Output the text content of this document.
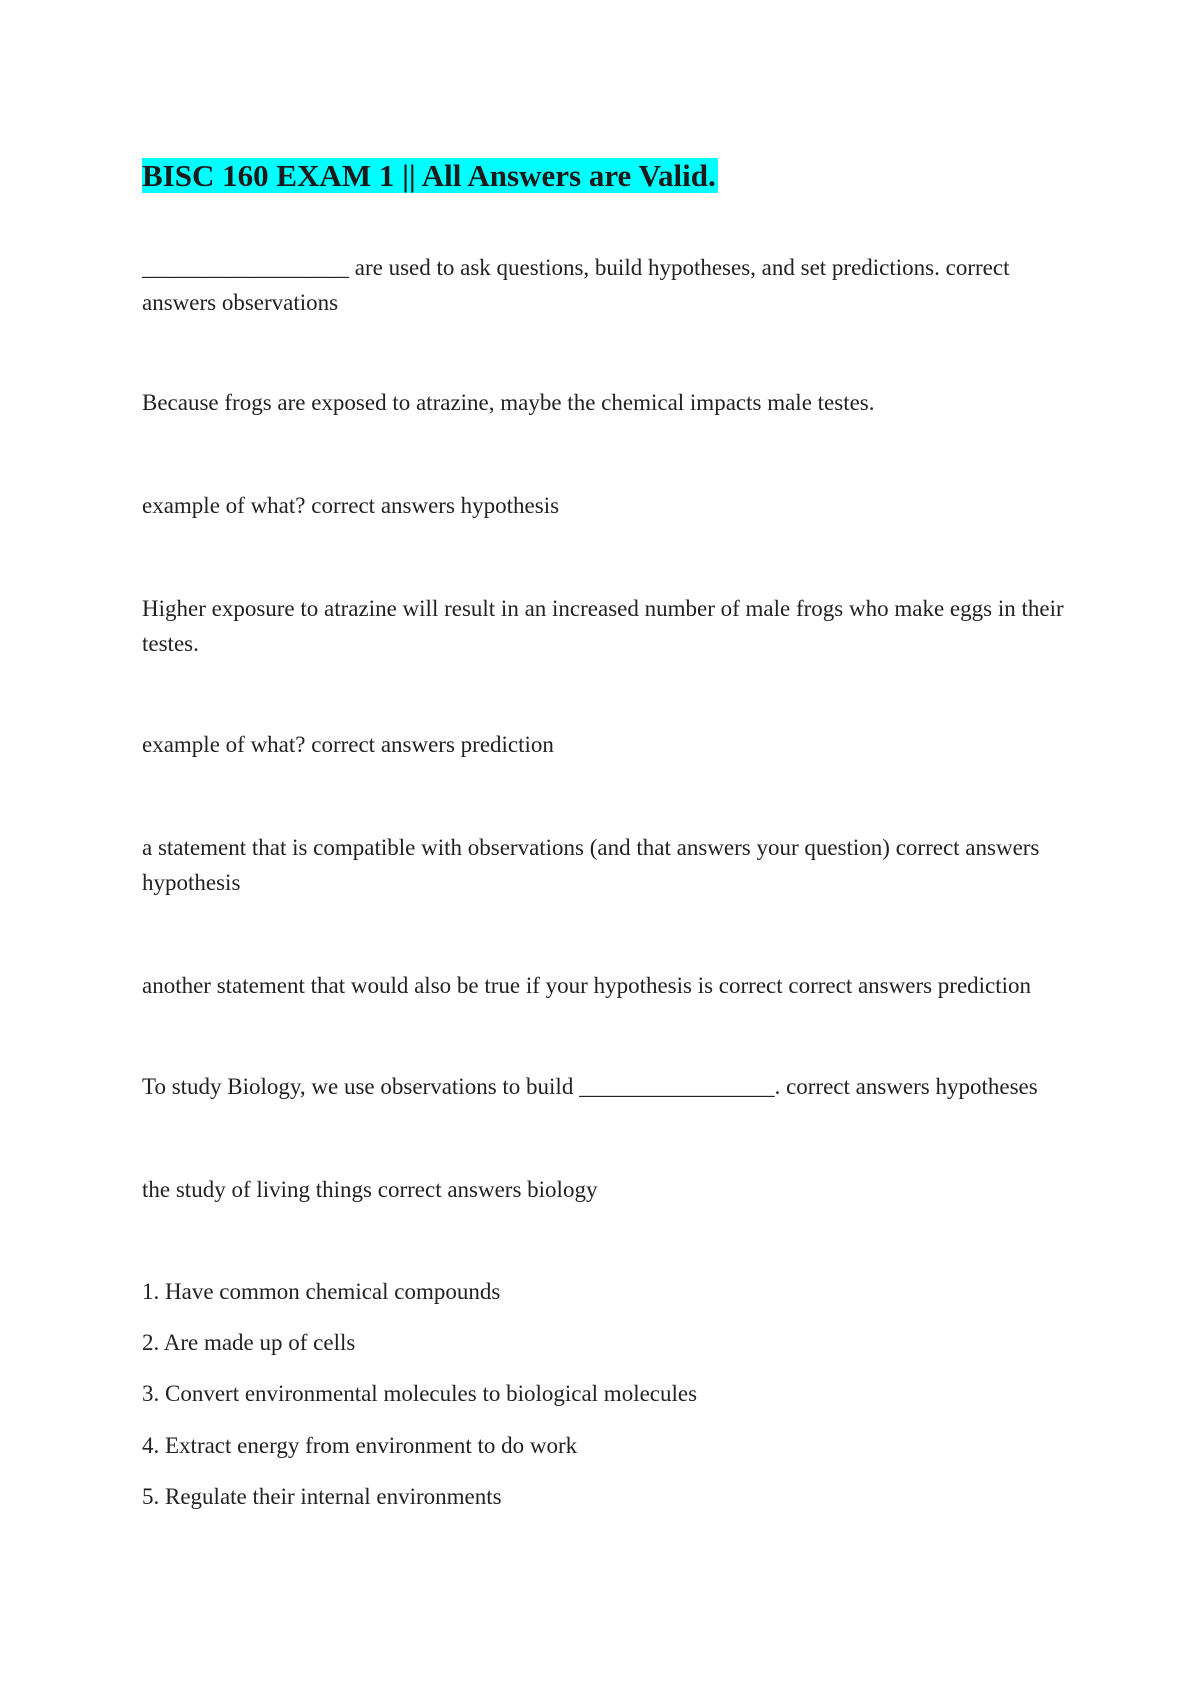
BISC 160 EXAM 1 || All Answers are Valid.

__________________ are used to ask questions, build hypotheses, and set predictions. correct answers observations

Because frogs are exposed to atrazine, maybe the chemical impacts male testes.

example of what? correct answers hypothesis

Higher exposure to atrazine will result in an increased number of male frogs who make eggs in their testes.

example of what? correct answers prediction

a statement that is compatible with observations (and that answers your question) correct answers hypothesis

another statement that would also be true if your hypothesis is correct correct answers prediction

To study Biology, we use observations to build _________________. correct answers hypotheses

the study of living things correct answers biology

1. Have common chemical compounds

2. Are made up of cells

3. Convert environmental molecules to biological molecules

4. Extract energy from environment to do work

5. Regulate their internal environments
